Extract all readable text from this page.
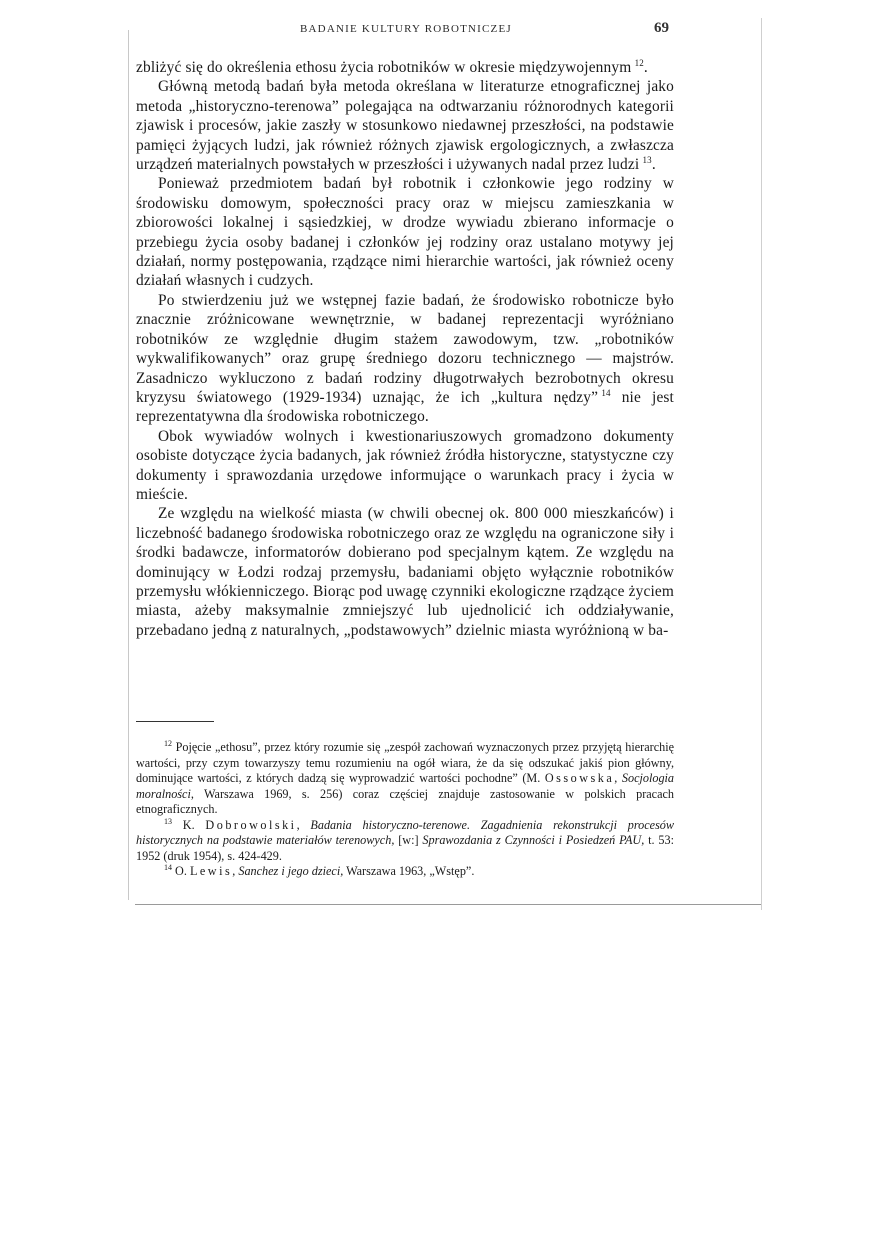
BADANIE KULTURY ROBOTNICZEJ	69

zbliżyć się do określenia ethosu życia robotników w okresie międzywojennym  $^{12}$.

Główną metodą badań była metoda określana w literaturze etnograficznej jako metoda „historyczno-terenowa” polegająca na odtwarzaniu różnorodnych kategorii zjawisk i procesów, jakie zaszły w stosunkowo niedawnej przeszłości, na podstawie pamięci żyjących ludzi, jak również różnych zjawisk ergologicznych, a zwłaszcza urządzeń materialnych powstałych w przeszłości i używanych nadal przez ludzi  $^{13}$.

Ponieważ przedmiotem badań był robotnik i członkowie jego rodziny w środowisku domowym, społeczności pracy oraz w miejscu zamieszkania w zbiorowości lokalnej i sąsiedzkiej, w drodze wywiadu zbierano informacje o przebiegu życia osoby badanej i członków jej rodziny oraz ustalano motywy jej działań, normy postępowania, rządzące nimi hierarchie wartości, jak również oceny działań własnych i cudzych.

Po stwierdzeniu już we wstępnej fazie badań, że środowisko robotnicze było znacznie zróżnicowane wewnętrznie, w badanej reprezentacji wyróżniano robotników ze względnie długim stażem zawodowym, tzw. „robotników wykwalifikowanych” oraz grupę średniego dozoru technicznego — majstrów. Zasadniczo wykluczono z badań rodziny długotrwałych bezrobotnych okresu kryzysu światowego (1929-1934) uznając, że ich „kultura nędzy”  $^{14}$ nie jest reprezentatywna dla środowiska robotniczego.

Obok wywiadów wolnych i kwestionariuszowych gromadzono dokumenty osobiste dotyczące życia badanych, jak również źródła historyczne, statystyczne czy dokumenty i sprawozdania urzędowe informujące o warunkach pracy i życia w mieście.

Ze względu na wielkość miasta (w chwili obecnej ok. 800 000 mieszkańców) i liczebność badanego środowiska robotniczego oraz ze względu na ograniczone siły i środki badawcze, informatorów dobierano pod specjalnym kątem. Ze względu na dominujący w Łodzi rodzaj przemysłu, badaniami objęto wyłącznie robotników przemysłu włókienniczego. Biorąc pod uwagę czynniki ekologiczne rządzące życiem miasta, ażeby maksymalnie zmniejszyć lub ujednolicić ich oddziaływanie, przebadano jedną z naturalnych, „podstawowych” dzielnic miasta wyróżnioną w ba-

$^{12}$ Pojęcie „ethosu”, przez który rozumie się „zespół zachowań wyznaczonych przez przyjętą hierarchię wartości, przy czym towarzyszy temu rozumieniu na ogół wiara, że da się odszukać jakiś pion główny, dominujące wartości, z których dadzą się wyprowadzić wartości pochodne” (M. Ossowska, Socjologia moralności, Warszawa 1969, s. 256) coraz częściej znajduje zastosowanie w polskich pracach etnograficznych.

$^{13}$ K. Dobrowolski, Badania historyczno-terenowe. Zagadnienia rekonstrukcji procesów historycznych na podstawie materiałów terenowych, [w:] Sprawozdania z Czynności i Posiedzeń PAU, t. 53: 1952 (druk 1954), s. 424-429.

$^{14}$ O. Lewis, Sanchez i jego dzieci, Warszawa 1963, „Wstęp”.
